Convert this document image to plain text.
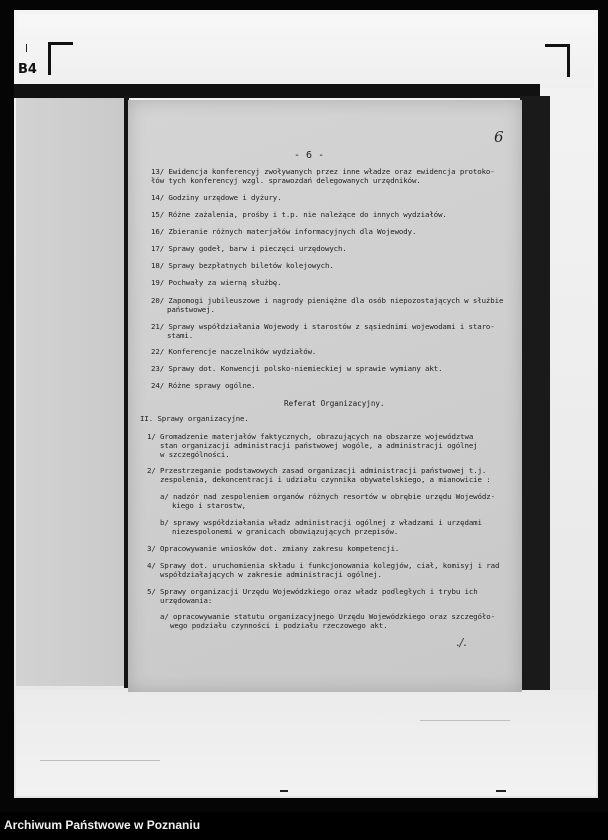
B4
6
- 6 -
13/ Ewidencja konferencyj zwoływanych przez inne władze oraz ewidencja protoko-
łów tych konferencyj wzgl. sprawozdań delegowanych urzędników.
14/ Godziny urzędowe i dyżury.
15/ Różne zażalenia, prośby i t.p. nie należące do innych wydziałów.
16/ Zbieranie różnych materjałów informacyjnych dla Wojewody.
17/ Sprawy godeł, barw i pieczęci urzędowych.
18/ Sprawy bezpłatnych biletów kolejowych.
19/ Pochwały za wierną służbę.
20/ Zapomogi jubileuszowe i nagrody pieniężne dla osób niepozostających w służbie
państwowej.
21/ Sprawy współdziałania Wojewody i starostów z sąsiednimi wojewodami i staro-
stami.
22/ Konferencje naczelników wydziałów.
23/ Sprawy dot. Konwencji polsko-niemieckiej w sprawie wymiany akt.
24/ Różne sprawy ogólne.
Referat Organizacyjny.
II. Sprawy organizacyjne.
1/ Gromadzenie materjałów faktycznych, obrazujących na obszarze województwa
stan organizacji administracji państwowej wogóle, a administracji ogólnej
w szczególności.
2/ Przestrzeganie podstawowych zasad organizacji administracji państwowej t.j.
zespolenia, dekoncentracji i udziału czynnika obywatelskiego, a mianowicie :
a/ nadzór nad zespoleniem organów różnych resortów w obrębie urzędu Wojewódz-
kiego i starostw,
b/ sprawy współdziałania władz administracji ogólnej z władzami i urzędami
niezespolonemi w granicach obowiązujących przepisów.
3/ Opracowywanie wniosków dot. zmiany zakresu kompetencji.
4/ Sprawy dot. uruchomienia składu i funkcjonowania kolegjów, ciał, komisyj i rad
współdziałających w zakresie administracji ogólnej.
5/ Sprawy organizacji Urzędu Wojewódzkiego oraz władz podległych i trybu ich
urzędowania:
a/ opracowywanie statutu organizacyjnego Urzędu Wojewódzkiego oraz szczegóło-
wego podziału czynności i podziału rzeczowego akt.
./.
Archiwum Państwowe w Poznaniu
